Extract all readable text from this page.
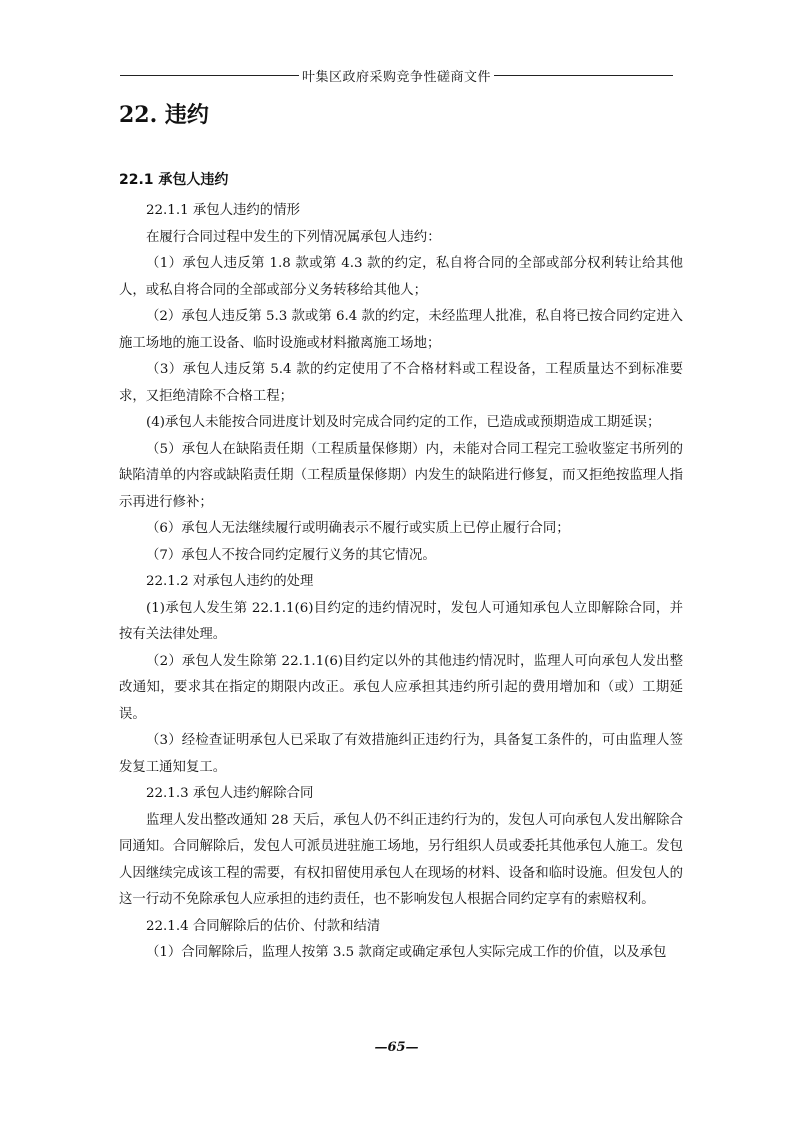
叶集区政府采购竞争性磋商文件
22. 违约
22.1 承包人违约

22.1.1 承包人违约的情形

在履行合同过程中发生的下列情况属承包人违约：

（1）承包人违反第 1.8 款或第 4.3 款的约定，私自将合同的全部或部分权利转让给其他人，或私自将合同的全部或部分义务转移给其他人；

（2）承包人违反第 5.3 款或第 6.4 款的约定，未经监理人批准，私自将已按合同约定进入施工场地的施工设备、临时设施或材料撤离施工场地；

（3）承包人违反第 5.4 款的约定使用了不合格材料或工程设备，工程质量达不到标准要求，又拒绝清除不合格工程；

(4)承包人未能按合同进度计划及时完成合同约定的工作，已造成或预期造成工期延误；

（5）承包人在缺陷责任期（工程质量保修期）内，未能对合同工程完工验收鉴定书所列的缺陷清单的内容或缺陷责任期（工程质量保修期）内发生的缺陷进行修复，而又拒绝按监理人指示再进行修补；

（6）承包人无法继续履行或明确表示不履行或实质上已停止履行合同；

（7）承包人不按合同约定履行义务的其它情况。

22.1.2 对承包人违约的处理

(1)承包人发生第 22.1.1(6)目约定的违约情况时，发包人可通知承包人立即解除合同，并按有关法律处理。

（2）承包人发生除第 22.1.1(6)目约定以外的其他违约情况时，监理人可向承包人发出整改通知，要求其在指定的期限内改正。承包人应承担其违约所引起的费用增加和（或）工期延误。

（3）经检查证明承包人已采取了有效措施纠正违约行为，具备复工条件的，可由监理人签发复工通知复工。

22.1.3 承包人违约解除合同

监理人发出整改通知 28 天后，承包人仍不纠正违约行为的，发包人可向承包人发出解除合同通知。合同解除后，发包人可派员进驻施工场地，另行组织人员或委托其他承包人施工。发包人因继续完成该工程的需要，有权扣留使用承包人在现场的材料、设备和临时设施。但发包人的这一行动不免除承包人应承担的违约责任，也不影响发包人根据合同约定享有的索赔权利。

22.1.4 合同解除后的估价、付款和结清

（1）合同解除后，监理人按第 3.5 款商定或确定承包人实际完成工作的价值，以及承包

—65—
